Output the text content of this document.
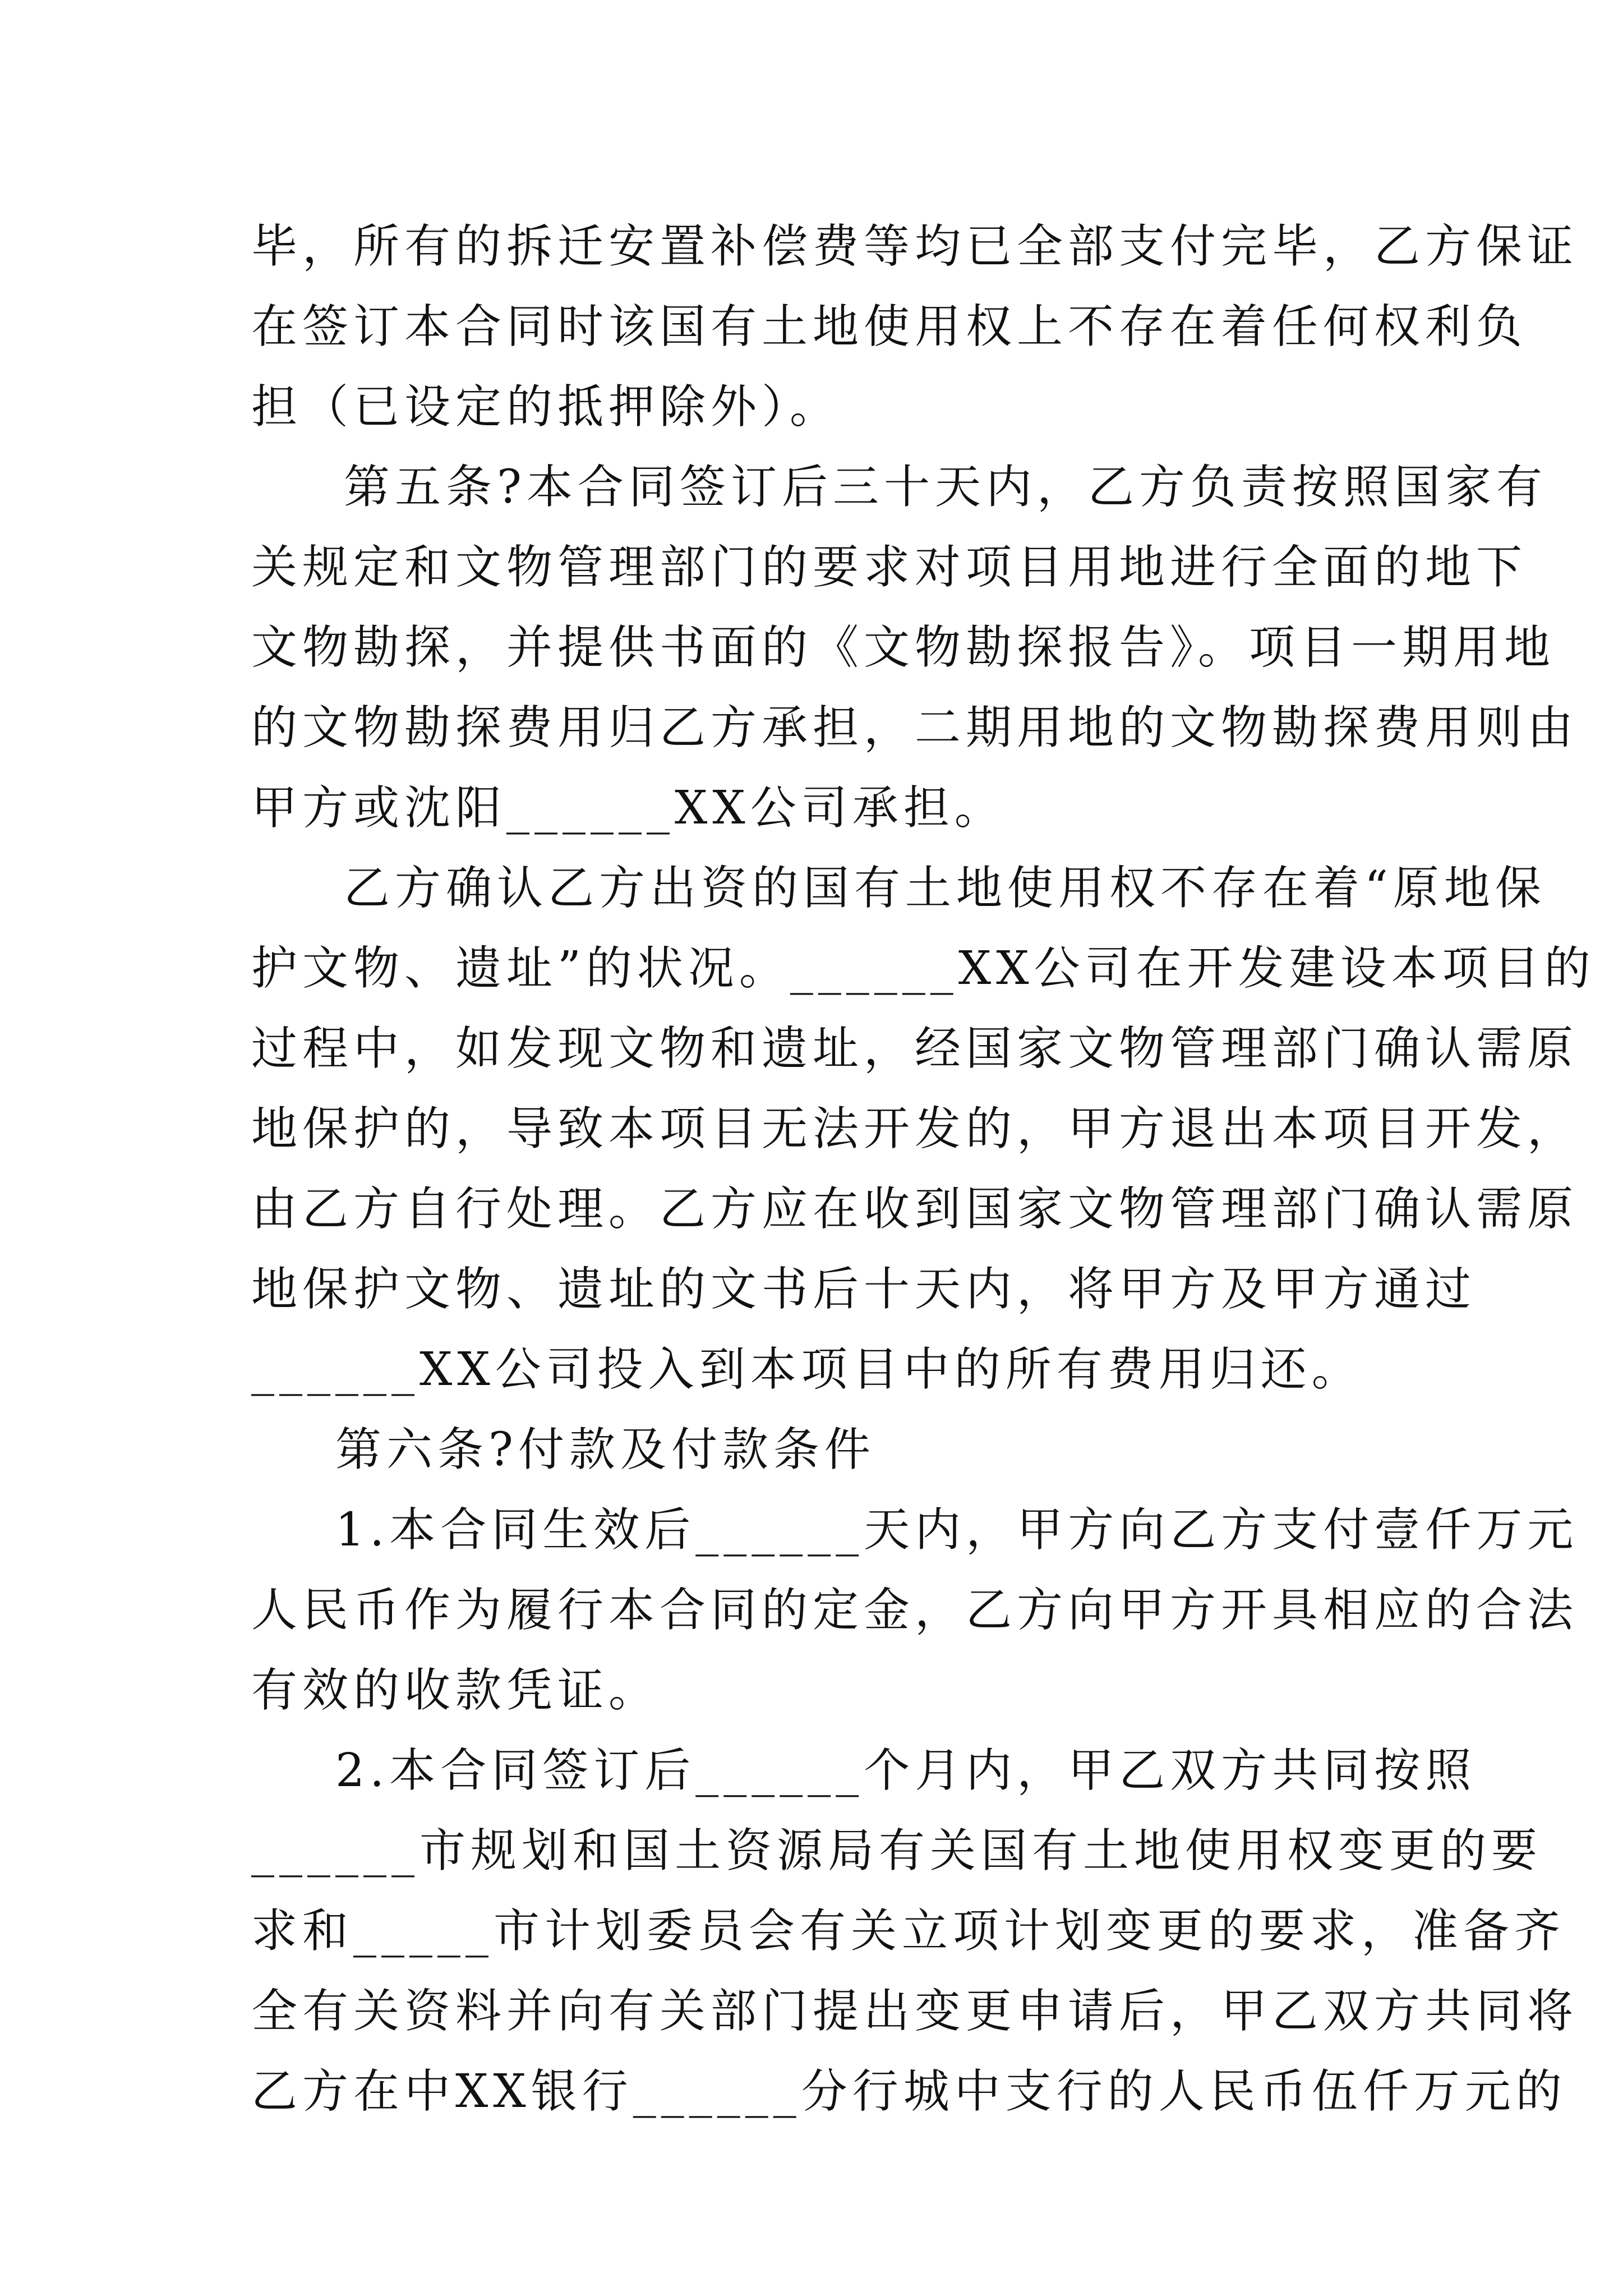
毕，所有的拆迁安置补偿费等均已全部支付完毕，乙方保证
在签订本合同时该国有土地使用权上不存在着任何权利负
担（已设定的抵押除外）。
第五条?本合同签订后三十天内，乙方负责按照国家有
关规定和文物管理部门的要求对项目用地进行全面的地下
文物勘探，并提供书面的《文物勘探报告》。项目一期用地
的文物勘探费用归乙方承担，二期用地的文物勘探费用则由
甲方或沈阳______XX公司承担。
乙方确认乙方出资的国有土地使用权不存在着“原地保
护文物、遗址”的状况。______XX公司在开发建设本项目的
过程中，如发现文物和遗址，经国家文物管理部门确认需原
地保护的，导致本项目无法开发的，甲方退出本项目开发，
由乙方自行处理。乙方应在收到国家文物管理部门确认需原
地保护文物、遗址的文书后十天内，将甲方及甲方通过
______XX公司投入到本项目中的所有费用归还。
第六条?付款及付款条件
1.本合同生效后______天内，甲方向乙方支付壹仟万元
人民币作为履行本合同的定金，乙方向甲方开具相应的合法
有效的收款凭证。
2.本合同签订后______个月内，甲乙双方共同按照
______市规划和国土资源局有关国有土地使用权变更的要
求和_____市计划委员会有关立项计划变更的要求，准备齐
全有关资料并向有关部门提出变更申请后，甲乙双方共同将
乙方在中XX银行______分行城中支行的人民币伍仟万元的
